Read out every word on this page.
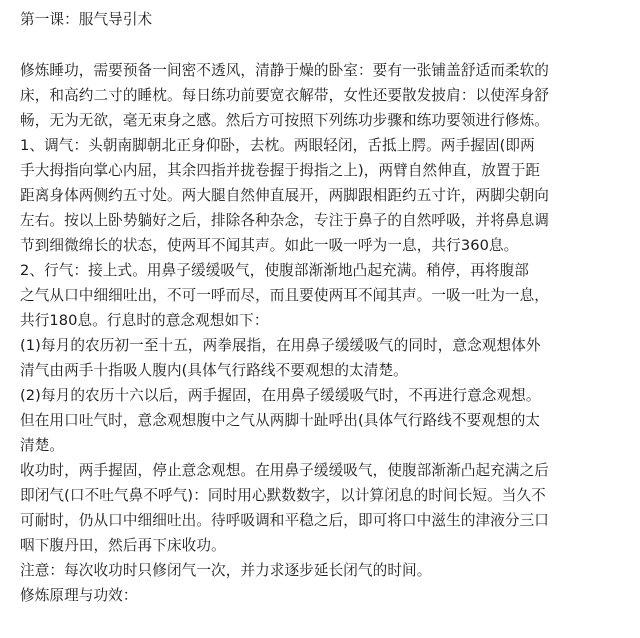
第一课：服气导引术
修炼睡功，需要预备一间密不透风，清静于燥的卧室：要有一张铺盖舒适而柔软的
床，和高约二寸的睡枕。每日练功前要宽衣解带，女性还要散发披肩：以使浑身舒
畅，无为无欲，毫无束身之感。然后方可按照下列练功步骤和练功要领进行修炼。
1、调气：头朝南脚朝北正身仰卧，去枕。两眼轻闭，舌抵上腭。两手握固(即两
手大拇指向掌心内屈，其余四指并拢卷握于拇指之上)，两臂自然伸直，放置于距
距离身体两侧约五寸处。两大腿自然伸直展开，两脚跟相距约五寸许，两脚尖朝向
左右。按以上卧势躺好之后，排除各种杂念，专注于鼻子的自然呼吸，并将鼻息调
节到细微绵长的状态，使两耳不闻其声。如此一吸一呼为一息，共行360息。
2、行气：接上式。用鼻子缓缓吸气，使腹部渐渐地凸起充满。稍停，再将腹部
之气从口中细细吐出，不可一呼而尽，而且要使两耳不闻其声。一吸一吐为一息，
共行180息。行息时的意念观想如下：
(1)每月的农历初一至十五，两拳展指，在用鼻子缓缓吸气的同时，意念观想体外
清气由两手十指吸人腹内(具体气行路线不要观想的太清楚。
(2)每月的农历十六以后，两手握固，在用鼻子缓缓吸气时，不再进行意念观想。
但在用口吐气时，意念观想腹中之气从两脚十趾呼出(具体气行路线不要观想的太
清楚。
收功时，两手握固，停止意念观想。在用鼻子缓缓吸气，使腹部渐渐凸起充满之后
即闭气(口不吐气鼻不呼气)：同时用心默数数字，以计算闭息的时间长短。当久不
可耐时，仍从口中细细吐出。待呼吸调和平稳之后，即可将口中滋生的津液分三口
咽下腹丹田，然后再下床收功。
注意：每次收功时只修闭气一次，并力求逐步延长闭气的时间。
修炼原理与功效：
